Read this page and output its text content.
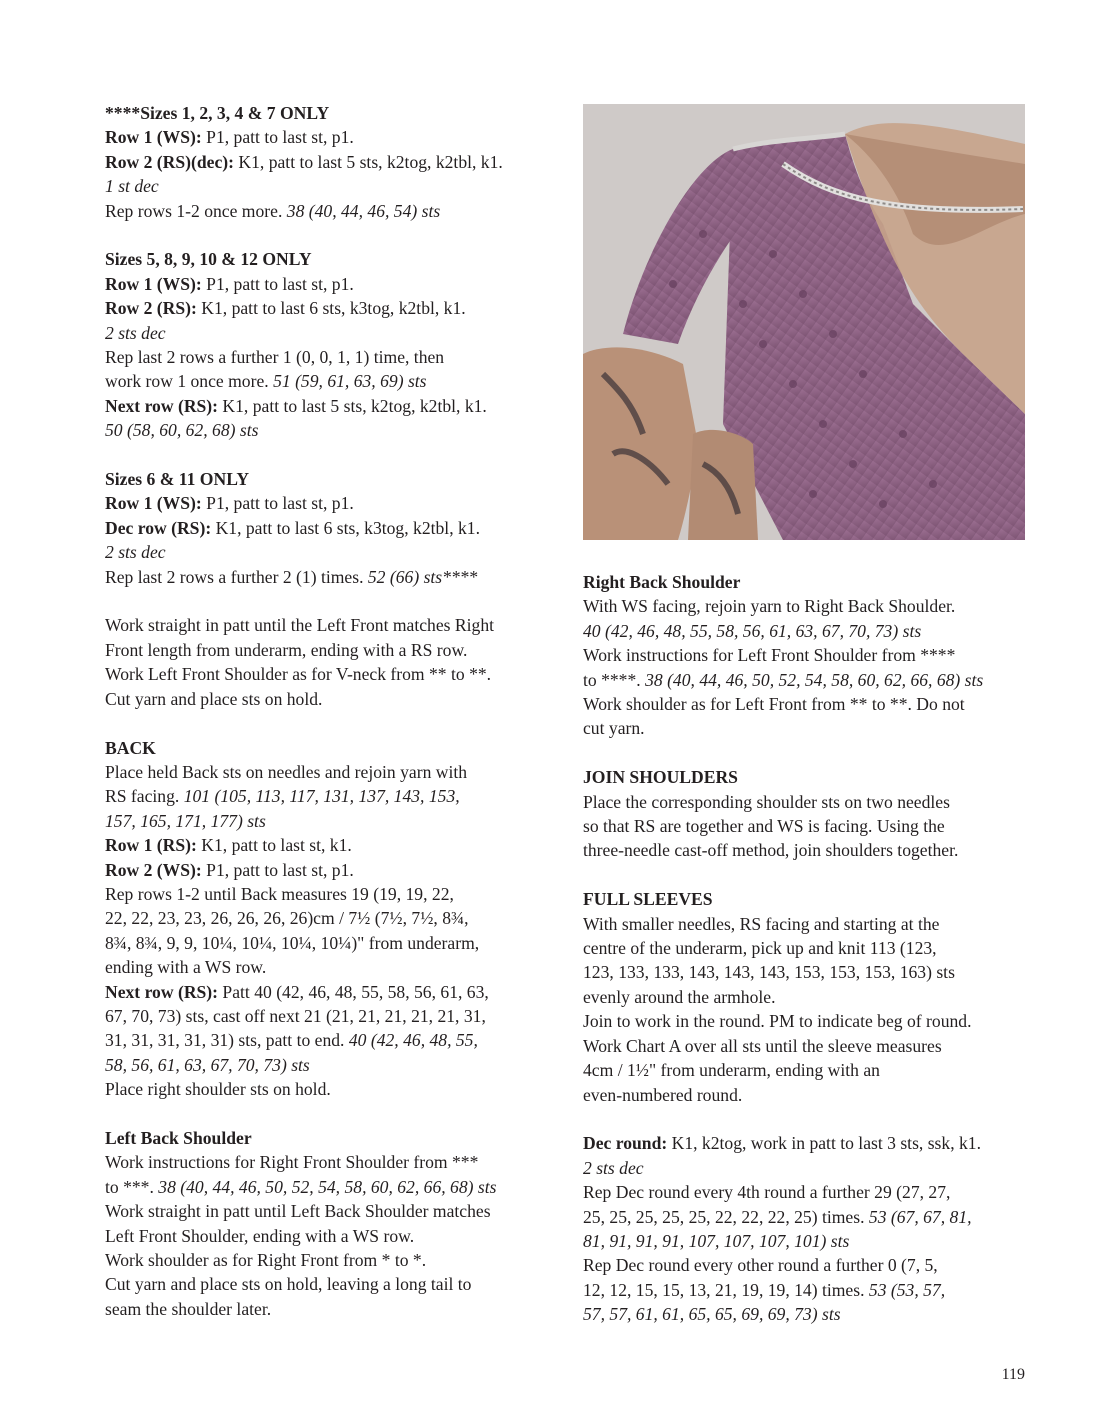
****Sizes 1, 2, 3, 4 & 7 ONLY
Row 1 (WS): P1, patt to last st, p1.
Row 2 (RS)(dec): K1, patt to last 5 sts, k2tog, k2tbl, k1.
1 st dec
Rep rows 1-2 once more. 38 (40, 44, 46, 54) sts
Sizes 5, 8, 9, 10 & 12 ONLY
Row 1 (WS): P1, patt to last st, p1.
Row 2 (RS): K1, patt to last 6 sts, k3tog, k2tbl, k1.
2 sts dec
Rep last 2 rows a further 1 (0, 0, 1, 1) time, then
work row 1 once more. 51 (59, 61, 63, 69) sts
Next row (RS): K1, patt to last 5 sts, k2tog, k2tbl, k1.
50 (58, 60, 62, 68) sts
Sizes 6 & 11 ONLY
Row 1 (WS): P1, patt to last st, p1.
Dec row (RS): K1, patt to last 6 sts, k3tog, k2tbl, k1.
2 sts dec
Rep last 2 rows a further 2 (1) times. 52 (66) sts****
Work straight in patt until the Left Front matches Right
Front length from underarm, ending with a RS row.
Work Left Front Shoulder as for V-neck from ** to **.
Cut yarn and place sts on hold.
BACK
Place held Back sts on needles and rejoin yarn with
RS facing. 101 (105, 113, 117, 131, 137, 143, 153,
157, 165, 171, 177) sts
Row 1 (RS): K1, patt to last st, k1.
Row 2 (WS): P1, patt to last st, p1.
Rep rows 1-2 until Back measures 19 (19, 19, 22,
22, 22, 23, 23, 26, 26, 26, 26)cm / 7½ (7½, 7½, 8¾,
8¾, 8¾, 9, 9, 10¼, 10¼, 10¼, 10¼)" from underarm,
ending with a WS row.
Next row (RS): Patt 40 (42, 46, 48, 55, 58, 56, 61, 63,
67, 70, 73) sts, cast off next 21 (21, 21, 21, 21, 21, 31,
31, 31, 31, 31, 31) sts, patt to end. 40 (42, 46, 48, 55,
58, 56, 61, 63, 67, 70, 73) sts
Place right shoulder sts on hold.
Left Back Shoulder
Work instructions for Right Front Shoulder from ***
to ***. 38 (40, 44, 46, 50, 52, 54, 58, 60, 62, 66, 68) sts
Work straight in patt until Left Back Shoulder matches
Left Front Shoulder, ending with a WS row.
Work shoulder as for Right Front from * to *.
Cut yarn and place sts on hold, leaving a long tail to
seam the shoulder later.
Right Back Shoulder
With WS facing, rejoin yarn to Right Back Shoulder.
40 (42, 46, 48, 55, 58, 56, 61, 63, 67, 70, 73) sts
Work instructions for Left Front Shoulder from ****
to ****. 38 (40, 44, 46, 50, 52, 54, 58, 60, 62, 66, 68) sts
Work shoulder as for Left Front from ** to **. Do not
cut yarn.
JOIN SHOULDERS
Place the corresponding shoulder sts on two needles
so that RS are together and WS is facing. Using the
three-needle cast-off method, join shoulders together.
FULL SLEEVES
With smaller needles, RS facing and starting at the
centre of the underarm, pick up and knit 113 (123,
123, 133, 133, 143, 143, 143, 153, 153, 153, 163) sts
evenly around the armhole.
Join to work in the round. PM to indicate beg of round.
Work Chart A over all sts until the sleeve measures
4cm / 1½" from underarm, ending with an
even-numbered round.
Dec round: K1, k2tog, work in patt to last 3 sts, ssk, k1.
2 sts dec
Rep Dec round every 4th round a further 29 (27, 27,
25, 25, 25, 25, 25, 22, 22, 22, 25) times. 53 (67, 67, 81,
81, 91, 91, 91, 107, 107, 107, 101) sts
Rep Dec round every other round a further 0 (7, 5,
12, 12, 15, 15, 13, 21, 19, 19, 14) times. 53 (53, 57,
57, 57, 61, 61, 65, 65, 69, 69, 73) sts
119
